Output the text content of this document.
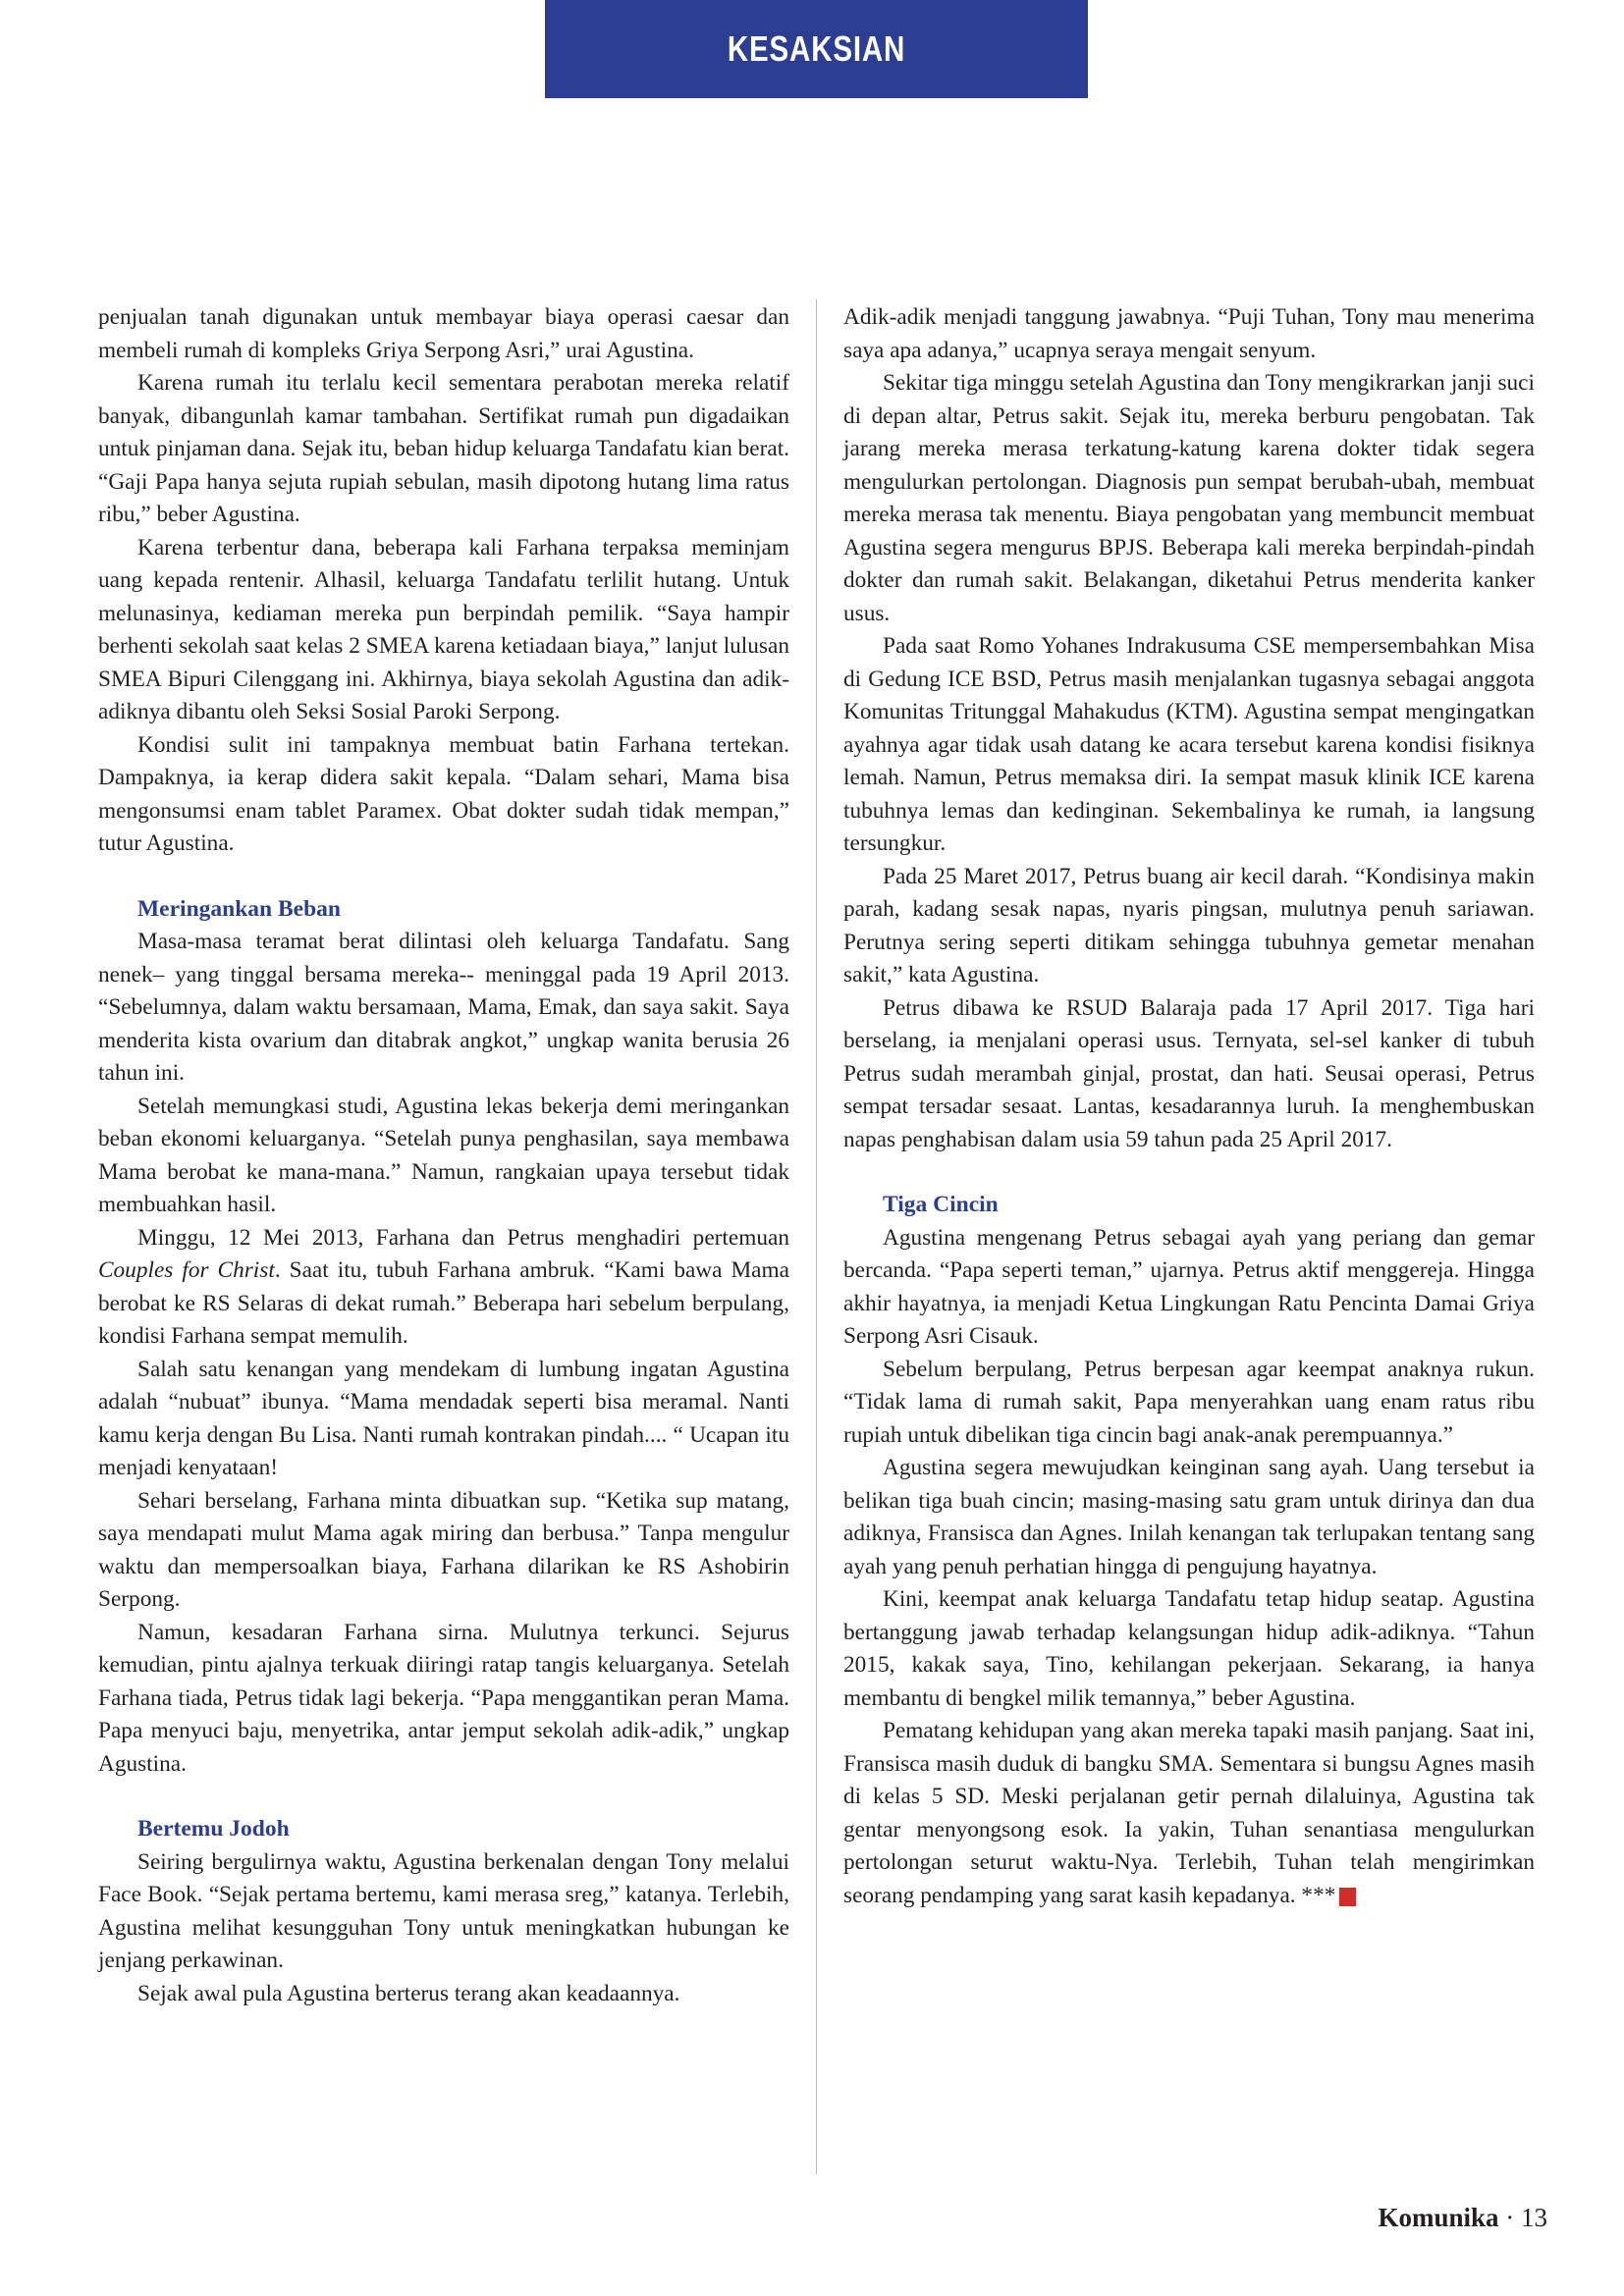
KESAKSIAN

penjualan tanah digunakan untuk membayar biaya operasi caesar dan membeli rumah di kompleks Griya Serpong Asri,” urai Agustina.

Karena rumah itu terlalu kecil sementara perabotan mereka relatif banyak, dibangunlah kamar tambahan. Sertifikat rumah pun digadaikan untuk pinjaman dana. Sejak itu, beban hidup keluarga Tandafatu kian berat. “Gaji Papa hanya sejuta rupiah sebulan, masih dipotong hutang lima ratus ribu,” beber Agustina.

Karena terbentur dana, beberapa kali Farhana terpaksa meminjam uang kepada rentenir. Alhasil, keluarga Tandafatu terlilit hutang. Untuk melunasinya, kediaman mereka pun berpindah pemilik. “Saya hampir berhenti sekolah saat kelas 2 SMEA karena ketiadaan biaya,” lanjut lulusan SMEA Bipuri Cilenggang ini. Akhirnya, biaya sekolah Agustina dan adik-adiknya dibantu oleh Seksi Sosial Paroki Serpong.

Kondisi sulit ini tampaknya membuat batin Farhana tertekan. Dampaknya, ia kerap didera sakit kepala. “Dalam sehari, Mama bisa mengonsumsi enam tablet Paramex. Obat dokter sudah tidak mempan,” tutur Agustina.

Meringankan Beban

Masa-masa teramat berat dilintasi oleh keluarga Tandafatu. Sang nenek– yang tinggal bersama mereka-- meninggal pada 19 April 2013. “Sebelumnya, dalam waktu bersamaan, Mama, Emak, dan saya sakit. Saya menderita kista ovarium dan ditabrak angkot,” ungkap wanita berusia 26 tahun ini.

Setelah memungkasi studi, Agustina lekas bekerja demi meringankan beban ekonomi keluarganya. “Setelah punya penghasilan, saya membawa Mama berobat ke mana-mana.” Namun, rangkaian upaya tersebut tidak membuahkan hasil.

Minggu, 12 Mei 2013, Farhana dan Petrus menghadiri pertemuan Couples for Christ. Saat itu, tubuh Farhana ambruk. “Kami bawa Mama berobat ke RS Selaras di dekat rumah.” Beberapa hari sebelum berpulang, kondisi Farhana sempat memulih.

Salah satu kenangan yang mendekam di lumbung ingatan Agustina adalah “nubuat” ibunya. “Mama mendadak seperti bisa meramal. Nanti kamu kerja dengan Bu Lisa. Nanti rumah kontrakan pindah.... “ Ucapan itu menjadi kenyataan!

Sehari berselang, Farhana minta dibuatkan sup. “Ketika sup matang, saya mendapati mulut Mama agak miring dan berbusa.” Tanpa mengulur waktu dan mempersoalkan biaya, Farhana dilarikan ke RS Ashobirin Serpong.

Namun, kesadaran Farhana sirna. Mulutnya terkunci. Sejurus kemudian, pintu ajalnya terkuak diiringi ratap tangis keluarganya. Setelah Farhana tiada, Petrus tidak lagi bekerja. “Papa menggantikan peran Mama. Papa menyuci baju, menyetrika, antar jemput sekolah adik-adik,” ungkap Agustina.

Bertemu Jodoh

Seiring bergulirnya waktu, Agustina berkenalan dengan Tony melalui Face Book. “Sejak pertama bertemu, kami merasa sreg,” katanya. Terlebih, Agustina melihat kesungguhan Tony untuk meningkatkan hubungan ke jenjang perkawinan.

Sejak awal pula Agustina berterus terang akan keadaannya.

Adik-adik menjadi tanggung jawabnya. “Puji Tuhan, Tony mau menerima saya apa adanya,” ucapnya seraya mengait senyum.

Sekitar tiga minggu setelah Agustina dan Tony mengikrarkan janji suci di depan altar, Petrus sakit. Sejak itu, mereka berburu pengobatan. Tak jarang mereka merasa terkatung-katung karena dokter tidak segera mengulurkan pertolongan. Diagnosis pun sempat berubah-ubah, membuat mereka merasa tak menentu. Biaya pengobatan yang membuncit membuat Agustina segera mengurus BPJS. Beberapa kali mereka berpindah-pindah dokter dan rumah sakit. Belakangan, diketahui Petrus menderita kanker usus.

Pada saat Romo Yohanes Indrakusuma CSE mempersembahkan Misa di Gedung ICE BSD, Petrus masih menjalankan tugasnya sebagai anggota Komunitas Tritunggal Mahakudus (KTM). Agustina sempat mengingatkan ayahnya agar tidak usah datang ke acara tersebut karena kondisi fisiknya lemah. Namun, Petrus memaksa diri. Ia sempat masuk klinik ICE karena tubuhnya lemas dan kedinginan. Sekembalinya ke rumah, ia langsung tersungkur.

Pada 25 Maret 2017, Petrus buang air kecil darah. “Kondisinya makin parah, kadang sesak napas, nyaris pingsan, mulutnya penuh sariawan. Perutnya sering seperti ditikam sehingga tubuhnya gemetar menahan sakit,” kata Agustina.

Petrus dibawa ke RSUD Balaraja pada 17 April 2017. Tiga hari berselang, ia menjalani operasi usus. Ternyata, sel-sel kanker di tubuh Petrus sudah merambah ginjal, prostat, dan hati. Seusai operasi, Petrus sempat tersadar sesaat. Lantas, kesadarannya luruh. Ia menghembuskan napas penghabisan dalam usia 59 tahun pada 25 April 2017.

Tiga Cincin

Agustina mengenang Petrus sebagai ayah yang periang dan gemar bercanda. “Papa seperti teman,” ujarnya. Petrus aktif menggereja. Hingga akhir hayatnya, ia menjadi Ketua Lingkungan Ratu Pencinta Damai Griya Serpong Asri Cisauk.

Sebelum berpulang, Petrus berpesan agar keempat anaknya rukun. “Tidak lama di rumah sakit, Papa menyerahkan uang enam ratus ribu rupiah untuk dibelikan tiga cincin bagi anak-anak perempuannya.”

Agustina segera mewujudkan keinginan sang ayah. Uang tersebut ia belikan tiga buah cincin; masing-masing satu gram untuk dirinya dan dua adiknya, Fransisca dan Agnes. Inilah kenangan tak terlupakan tentang sang ayah yang penuh perhatian hingga di pengujung hayatnya.

Kini, keempat anak keluarga Tandafatu tetap hidup seatap. Agustina bertanggung jawab terhadap kelangsungan hidup adik-adiknya. “Tahun 2015, kakak saya, Tino, kehilangan pekerjaan. Sekarang, ia hanya membantu di bengkel milik temannya,” beber Agustina.

Pematang kehidupan yang akan mereka tapaki masih panjang. Saat ini, Fransisca masih duduk di bangku SMA. Sementara si bungsu Agnes masih di kelas 5 SD. Meski perjalanan getir pernah dilaluinya, Agustina tak gentar menyongsong esok. Ia yakin, Tuhan senantiasa mengulurkan pertolongan seturut waktu-Nya. Terlebih, Tuhan telah mengirimkan seorang pendamping yang sarat kasih kepadanya. ***	K

Komunika · 13
